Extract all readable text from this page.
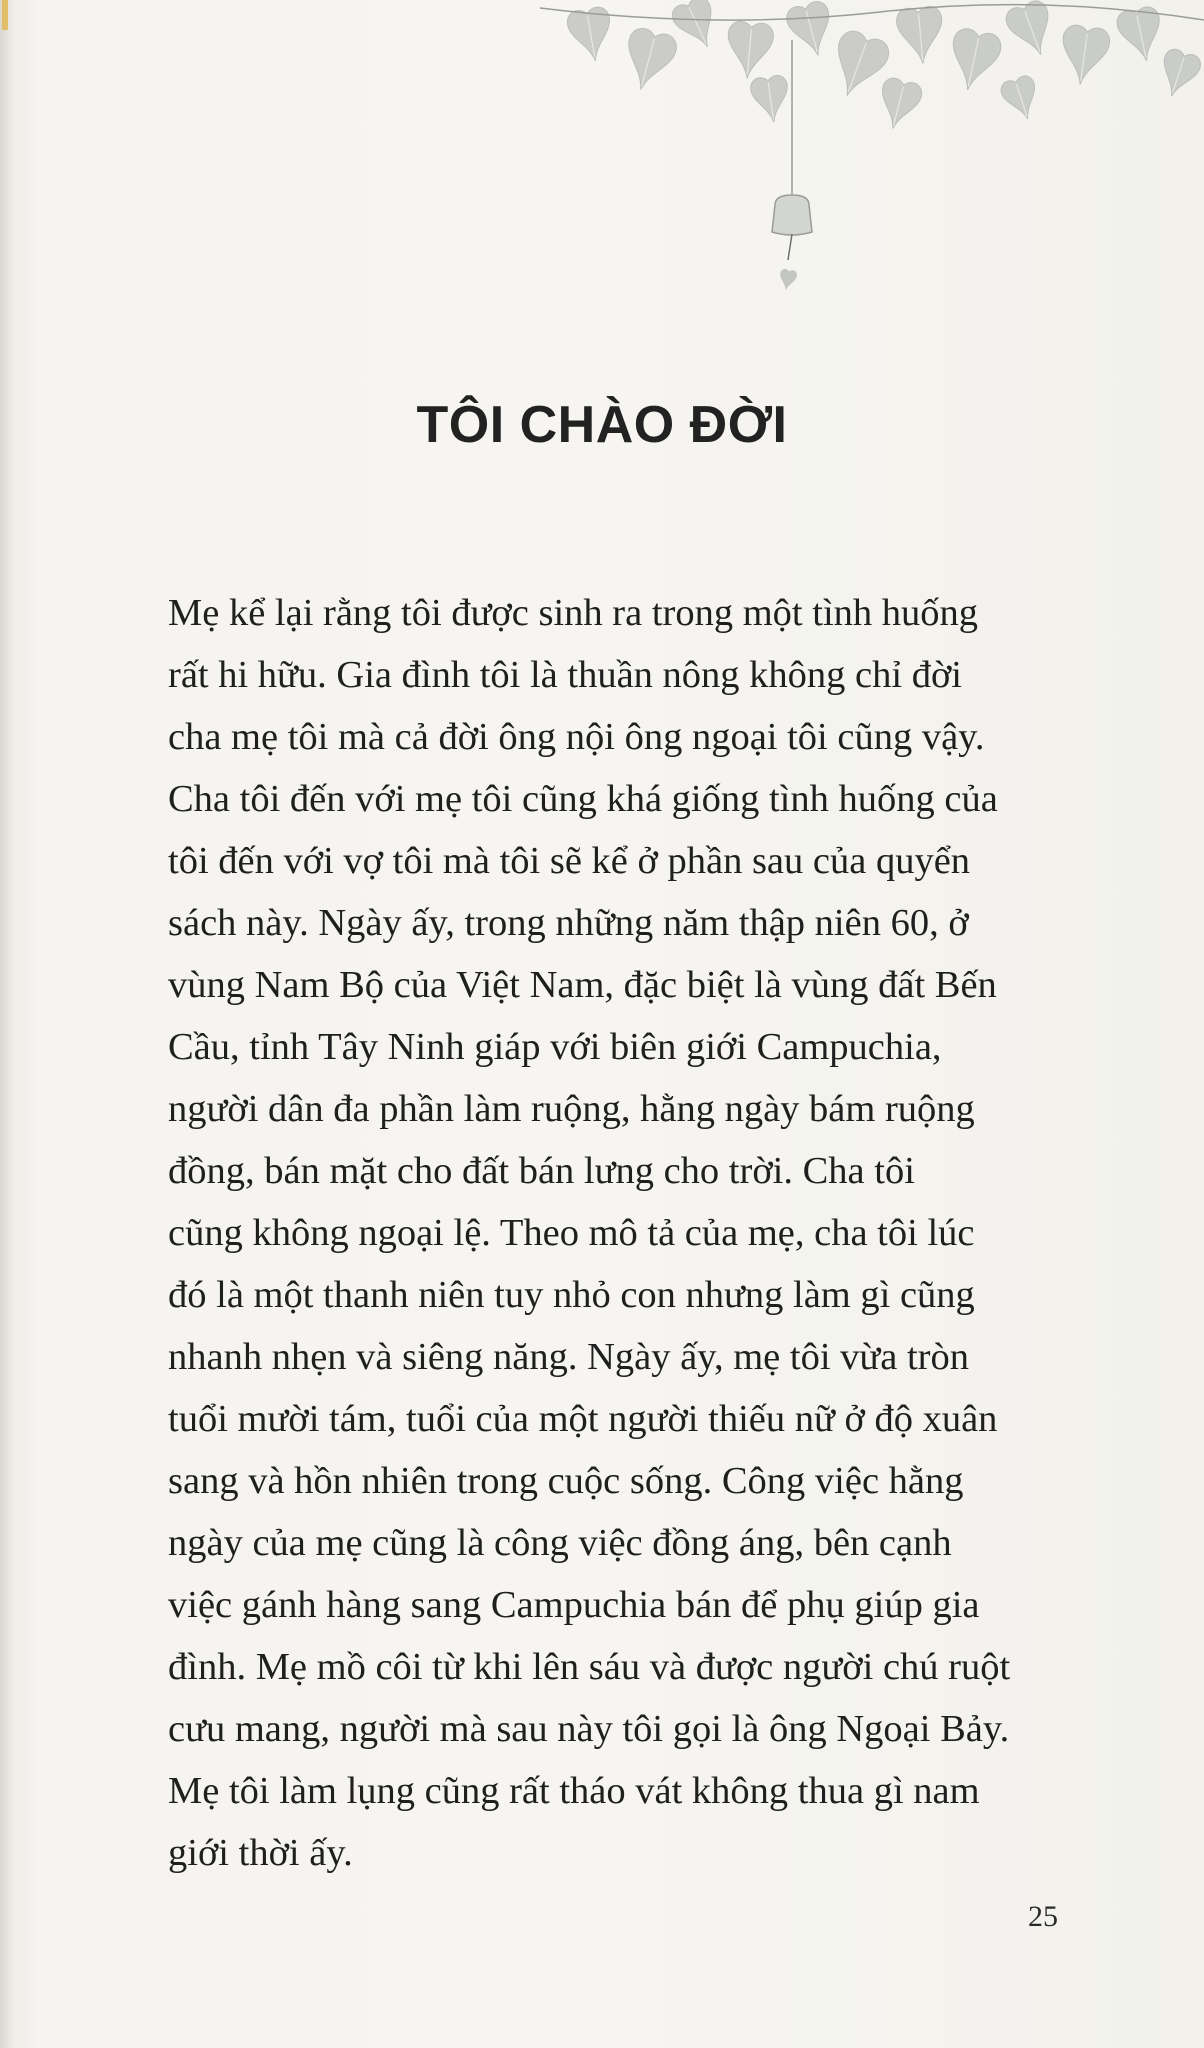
TÔI CHÀO ĐỜI
Mẹ kể lại rằng tôi được sinh ra trong một tình huống
rất hi hữu. Gia đình tôi là thuần nông không chỉ đời
cha mẹ tôi mà cả đời ông nội ông ngoại tôi cũng vậy.
Cha tôi đến với mẹ tôi cũng khá giống tình huống của
tôi đến với vợ tôi mà tôi sẽ kể ở phần sau của quyển
sách này. Ngày ấy, trong những năm thập niên 60, ở
vùng Nam Bộ của Việt Nam, đặc biệt là vùng đất Bến
Cầu, tỉnh Tây Ninh giáp với biên giới Campuchia,
người dân đa phần làm ruộng, hằng ngày bám ruộng
đồng, bán mặt cho đất bán lưng cho trời. Cha tôi
cũng không ngoại lệ. Theo mô tả của mẹ, cha tôi lúc
đó là một thanh niên tuy nhỏ con nhưng làm gì cũng
nhanh nhẹn và siêng năng. Ngày ấy, mẹ tôi vừa tròn
tuổi mười tám, tuổi của một người thiếu nữ ở độ xuân
sang và hồn nhiên trong cuộc sống. Công việc hằng
ngày của mẹ cũng là công việc đồng áng, bên cạnh
việc gánh hàng sang Campuchia bán để phụ giúp gia
đình. Mẹ mồ côi từ khi lên sáu và được người chú ruột
cưu mang, người mà sau này tôi gọi là ông Ngoại Bảy.
Mẹ tôi làm lụng cũng rất tháo vát không thua gì nam
giới thời ấy.
25
